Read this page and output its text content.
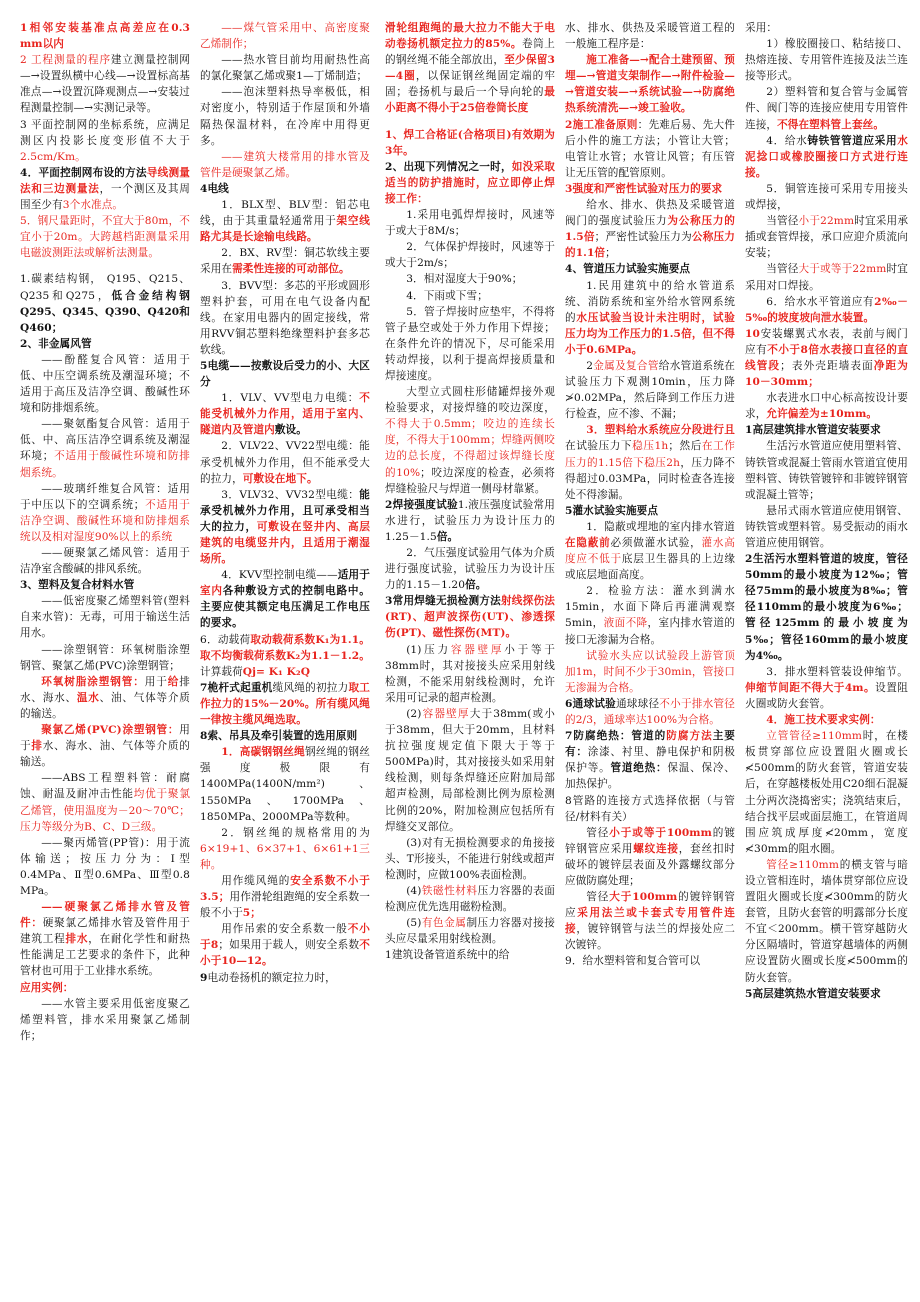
1相邻安装基准点高差应在0.3 mm以内

2 工程测量的程序建立测量控制网—→设置纵横中心线—→设置标高基准点—→设置沉降观测点—→安装过程测量控制—→实测记录等。

3 平面控制网的坐标系统，应满足测区内投影长度变形值不大于2.5cm/Km。

4．平面控制网布设的方法导线测量法和三边测量法，一个测区及其周围至少有3个水准点。

5．钢尺量距时，不宜大于80m，不宜小于20m。大跨越档距测量采用电磁波测距法或解析法测量。

1.碳素结构钢， Q195、Q215、Q235和Q275，低合金结构钢Q295、Q345、Q390、Q420和Q460；

2、非金属风管

——酚醛复合风管：适用于低、中压空调系统及潮湿环境；不适用于高压及洁净空调、酸碱性环境和防排烟系统。

——聚氨酯复合风管：适用于低、中、高压洁净空调系统及潮湿环境；不适用于酸碱性环境和防排烟系统。

——玻璃纤维复合风管：适用于中压以下的空调系统；不适用于洁净空调、酸碱性环境和防排烟系统以及相对湿度90%以上的系统

——硬聚氯乙烯风管：适用于洁净室含酸碱的排风系统。

3、塑料及复合材料水管

——低密度聚乙烯塑料管(塑料自来水管)：无毒，可用于输送生活用水。

——涂塑钢管：环氧树脂涂塑钢管、聚氯乙烯(PVC)涂塑钢管；

环氧树脂涂塑钢管：用于给排水、海水、温水、油、气体等介质的输送。

聚氯乙烯(PVC)涂塑钢管：用于排水、海水、油、气体等介质的输送。

——ABS工程塑料管：耐腐蚀、耐温及耐冲击性能均优于聚氯乙烯管，使用温度为－20～70℃；压力等级分为B、C、D三级。

——聚丙烯管(PP管)：用于流体输送；按压力分为：Ⅰ型0.4MPa、Ⅱ型0.6MPa、Ⅲ型0.8 MPa。

——硬聚氯乙烯排水管及管件：硬聚氯乙烯排水管及管件用于建筑工程排水，在耐化学性和耐热性能满足工艺要求的条件下，此种管材也可用于工业排水系统。

应用实例：

——水管主要采用低密度聚乙烯塑料管，排水采用聚氯乙烯制作；

——煤气管采用中、高密度聚乙烯制作；

——热水管目前均用耐热性高的氯化聚氯乙烯或聚1—丁烯制造；

——泡沫塑料热导率极低，相对密度小，特别适于作屋顶和外墙隔热保温材料，在冷库中用得更多。

——建筑大楼常用的排水管及管件是硬聚氯乙烯。

4电线

1．BLX型、BLV型：铝芯电线，由于其重量轻通常用于架空线路尤其是长途输电线路。

2．BX、RV型：铜芯软线主要采用在需柔性连接的可动部位。

3．BVV型：多芯的平形或圆形塑料护套，可用在电气设备内配线。在家用电器内的固定接线，常用RVV铜芯塑料绝缘塑料护套多芯软线。

5电缆——按敷设后受力的小、大区分

1．VLV、VV型电力电缆：不能受机械外力作用，适用于室内、隧道内及管道内敷设。

2．VLV22、VV22型电缆：能承受机械外力作用，但不能承受大的拉力，可敷设在地下。

3．VLV32、VV32型电缆：能承受机械外力作用，且可承受相当大的拉力，可敷设在竖井内、高层建筑的电缆竖井内，且适用于潮湿场所。

4．KVV型控制电缆——适用于室内各种敷设方式的控制电路中。主要应使其额定电压满足工作电压的要求。

6．动载荷取动载荷系数K₁为1.1。取不均衡载荷系数K₂为1.1－1.2。计算载荷Qj= K₁ K₂Q

7桅杆式起重机缆风绳的初拉力取工作拉力的15%－20%。所有缆风绳一律按主缆风绳选取。

8索、吊具及牵引装置的选用原则

1．高碳钢钢丝绳钢丝绳的钢丝强度极限有1400MPa(1400N/mm²)、1550MPa、1700MPa、1850MPa、2000MPa等数种。

2．钢丝绳的规格常用的为6×19+1、6×37+1、6×61+1三种。

用作缆风绳的安全系数不小于3.5；用作滑轮组跑绳的安全系数一般不小于5；

用作吊索的安全系数一般不小于8；如果用于载人，则安全系数不小于10—12。

9电动卷扬机的额定拉力时，

滑轮组跑绳的最大拉力不能大于电动卷扬机额定拉力的85%。卷筒上的钢丝绳不能全部放出，至少保留3—4圈，以保证钢丝绳固定端的牢固；卷扬机与最后一个导向轮的最小距离不得小于25倍卷筒长度

1、焊工合格证(合格项目)有效期为3年。

2、出现下列情况之一时，如没采取适当的防护措施时，应立即停止焊接工作：

1.采用电弧焊焊接时，风速等于或大于8M/s；

2．气体保护焊接时，风速等于或大于2m/s；

3．相对湿度大于90%；

4．下雨或下雪；

5．管子焊接时应垫牢，不得将管子悬空或处于外力作用下焊接；在条件允许的情况下，尽可能采用转动焊接，以利于提高焊接质量和焊接速度。

大型立式圆柱形储罐焊接外观检验要求，对接焊缝的咬边深度，不得大于0.5mm；咬边的连续长度，不得大于100mm；焊缝两侧咬边的总长度，不得超过该焊缝长度的10%；咬边深度的检查，必须将焊缝检验尺与焊道一侧母材靠紧。

2焊接强度试验1.液压强度试验常用水进行，试验压力为设计压力的1.25－1.5倍。

2．气压强度试验用气体为介质进行强度试验，试验压力为设计压力的1.15－1.20倍。

3常用焊缝无损检测方法射线探伤法(RT)、超声波探伤(UT)、渗透探伤(PT)、磁性探伤(MT)。

(1)压力容器壁厚小于等于38mm时，其对接接头应采用射线检测，不能采用射线检测时，允许采用可记录的超声检测。

(2)容器壁厚大于38mm(或小于38mm，但大于20mm，且材料抗拉强度规定值下限大于等于500MPa)时，其对接接头如采用射线检测，则每条焊缝还应附加局部超声检测，局部检测比例为原检测比例的20%，附加检测应包括所有焊缝交叉部位。

(3)对有无损检测要求的角接接头、T形接头，不能进行射线或超声检测时，应做100%表面检测。

(4)铁磁性材料压力容器的表面检测应优先选用磁粉检测。

(5)有色金属制压力容器对接接头应尽量采用射线检测。

1建筑设备管道系统中的给

水、排水、供热及采暖管道工程的一般施工程序是：

施工准备—→配合土建预留、预埋—→管道支架制作—→附件检验—→管道安装—→系统试验—→防腐绝热系统清洗—→竣工验收。

2施工准备原则：先难后易、先大件后小件的施工方法；小管让大管；电管让水管；水管让风管；有压管让无压管的配管原则。

3强度和严密性试验对压力的要求

给水、排水、供热及采暖管道阀门的强度试验压力为公称压力的1.5倍；严密性试验压力为公称压力的1.1倍；

4、管道压力试验实施要点

1.民用建筑中的给水管道系统、消防系统和室外给水管网系统的水压试验当设计未注明时，试验压力均为工作压力的1.5倍，但不得小于0.6MPa。

2金属及复合管给水管道系统在试验压力下观测10min，压力降≯0.02MPa，然后降到工作压力进行检查，应不渗、不漏；

3．塑料给水系统应分段进行且在试验压力下稳压1h；然后在工作压力的1.15倍下稳压2h，压力降不得超过0.03MPa，同时检查各连接处不得渗漏。

5灌水试验实施要点

1．隐蔽或埋地的室内排水管道在隐蔽前必须做灌水试验，灌水高度应不低于底层卫生器具的上边缘或底层地面高度。

2．检验方法：灌水到满水15min，水面下降后再灌满观察5min，液面不降，室内排水管道的接口无渗漏为合格。

试验水头应以试验段上游管顶加1m，时间不少于30min，管接口无渗漏为合格。

6通球试验通球球径不小于排水管径的2/3，通球率达100%为合格。

7防腐绝热：管道的防腐方法主要有：涂漆、衬里、静电保护和阴极保护等。管道绝热：保温、保冷、加热保护。

8管路的连接方式选择依据（与管径/材料有关）

管径小于或等于100mm的镀锌钢管应采用螺纹连接，套丝扣时破坏的镀锌层表面及外露螺纹部分应做防腐处理；

管径大于100mm的镀锌钢管应采用法兰或卡套式专用管件连接，镀锌钢管与法兰的焊接处应二次镀锌。

9．给水塑料管和复合管可以

采用：

1）橡胶圈接口、粘结接口、热熔连接、专用管件连接及法兰连接等形式。

2）塑料管和复合管与金属管件、阀门等的连接应使用专用管件连接，不得在塑料管上套丝。

4．给水铸铁管管道应采用水泥捻口或橡胶圈接口方式进行连接。

5．铜管连接可采用专用接头或焊接，

当管径小于22mm时宜采用承插或套管焊接，承口应迎介质流向安装；

当管径大于或等于22mm时宜采用对口焊接。

6．给水水平管道应有2‰－5‰的坡度坡向泄水装置。

10安装螺翼式水表，表前与阀门应有不小于8倍水表接口直径的直线管段；表外壳距墙表面净距为10－30mm；

水表进水口中心标高按设计要求，允许偏差为±10mm。

1高层建筑排水管道安装要求

生活污水管道应使用塑料管、铸铁管或混凝土管雨水管道宜使用塑料管、铸铁管镀锌和非镀锌钢管或混凝土管等；

悬吊式雨水管道应使用钢管、铸铁管或塑料管。易受振动的雨水管道应使用钢管。

2生活污水塑料管道的坡度，管径50mm的最小坡度为12‰；管径75mm的最小坡度为8‰；管径110mm的最小坡度为6‰；管径125mm的最小坡度为5‰；管径160mm的最小坡度为4‰。

3．排水塑料管装设伸缩节。伸缩节间距不得大于4m。设置阻火圈或防火套管。

4．施工技术要求实例：

立管管径≥110mm时，在楼板贯穿部位应设置阻火圈或长≮500mm的防火套管，管道安装后，在穿越楼板处用C20细石混凝土分两次浇捣密实；浇筑结束后，结合找平层或面层施工，在管道周围应筑成厚度≮20mm，宽度≮30mm的阻水圈。

管径≥110mm的横支管与暗设立管相连时，墙体贯穿部位应设置阻火圈或长度≮300mm的防火套管，且防火套管的明露部分长度不宜＜200mm。横干管穿越防火分区隔墙时，管道穿越墙体的两侧应设置防火圈或长度≮500mm的防火套管。

5高层建筑热水管道安装要求
